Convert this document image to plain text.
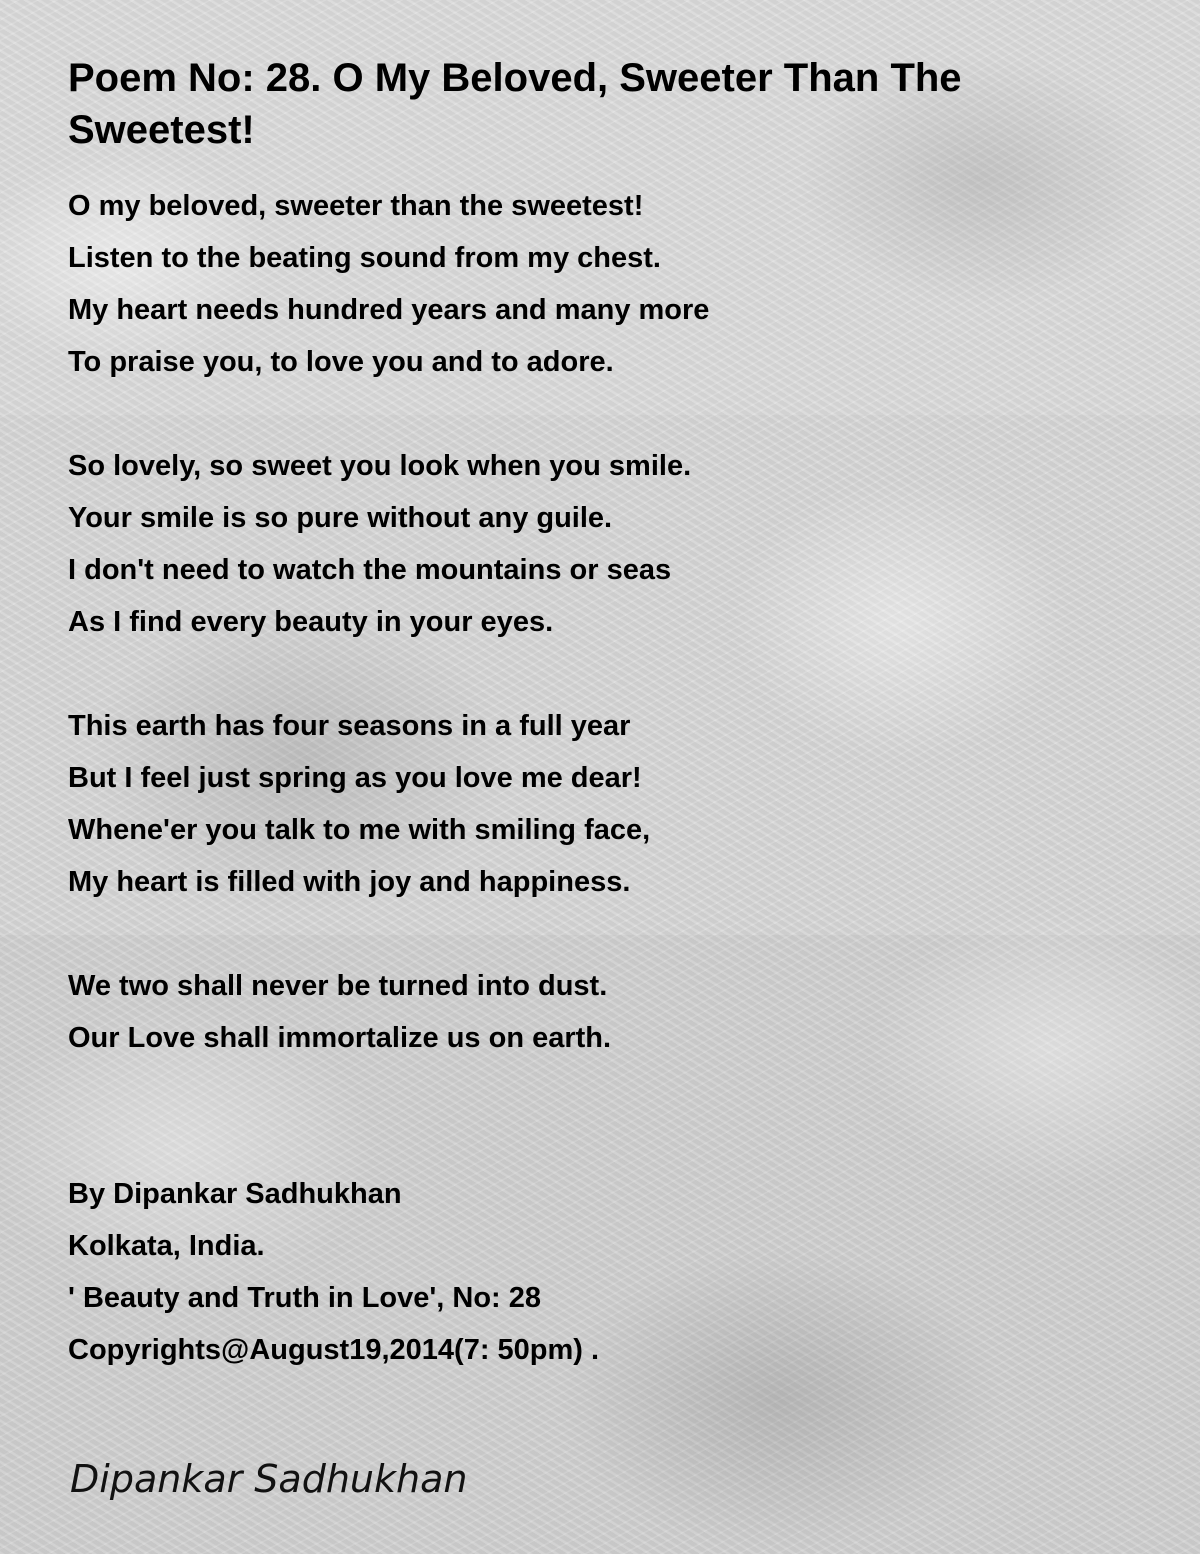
Poem No: 28. O My Beloved, Sweeter Than The Sweetest!
O my beloved, sweeter than the sweetest!
Listen to the beating sound from my chest.
My heart needs hundred years and many more
To praise you, to love you and to adore.
So lovely, so sweet you look when you smile.
Your smile is so pure without any guile.
I don't need to watch the mountains or seas
As I find every beauty in your eyes.
This earth has four seasons in a full year
But I feel just spring as you love me dear!
Whene'er you talk to me with smiling face,
My heart is filled with joy and happiness.
We two shall never be turned into dust.
Our Love shall immortalize us on earth.
By Dipankar Sadhukhan
Kolkata, India.
' Beauty and Truth in Love', No: 28
Copyrights@August19,2014(7: 50pm) .
Dipankar Sadhukhan
